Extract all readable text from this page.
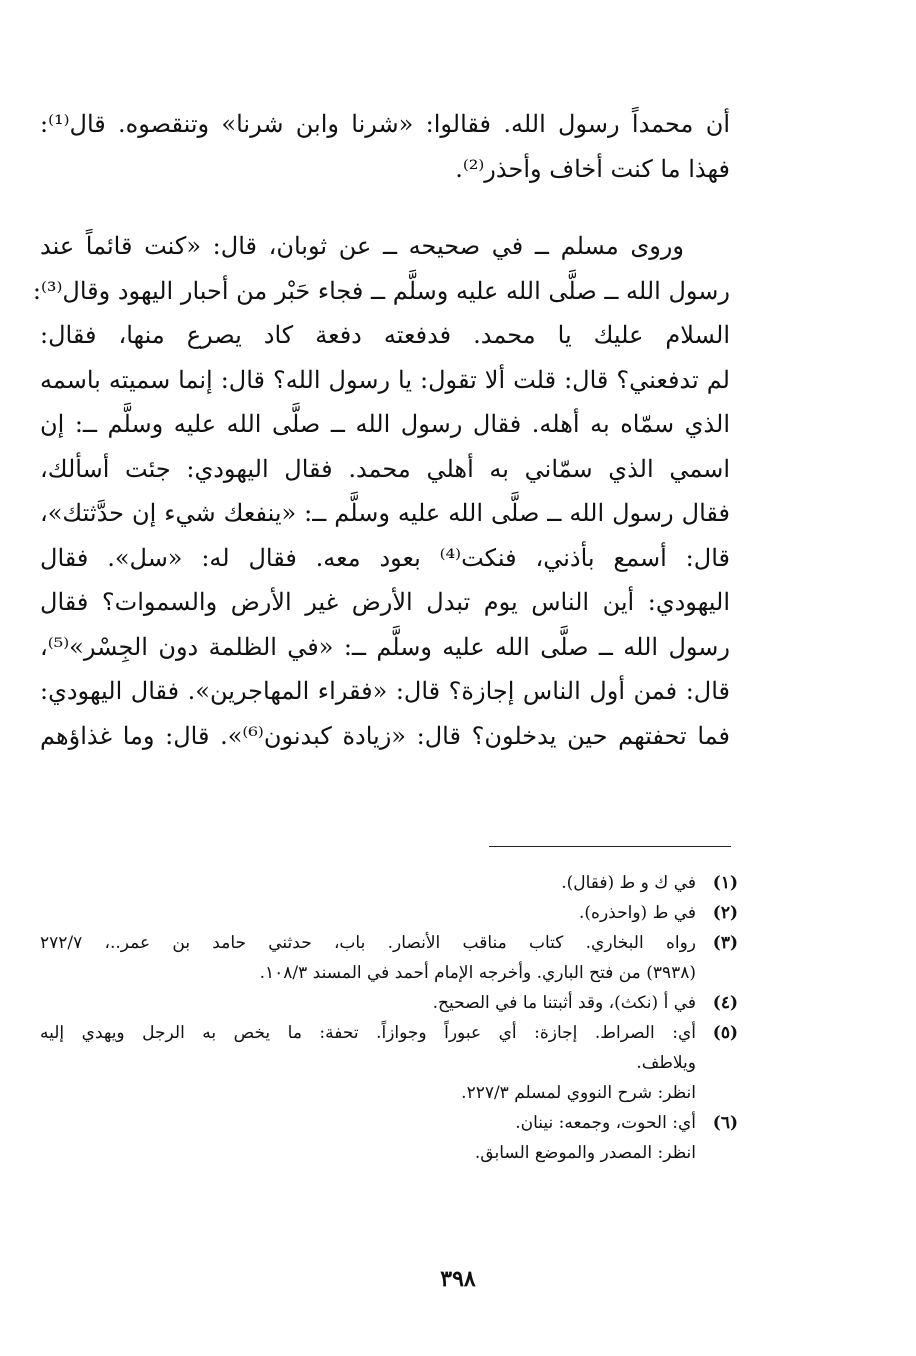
أن محمداً رسول الله. فقالوا: «شرنا وابن شرنا» وتنقصوه. قال⁽¹⁾:
فهذا ما كنت أخاف وأحذر⁽²⁾.
وروى مسلم ــ في صحيحه ــ عن ثوبان، قال: «كنت قائماً عند
رسول الله ــ صلَّى الله عليه وسلَّم ــ فجاء حَبْر من أحبار اليهود وقال⁽³⁾:
السلام عليك يا محمد. فدفعته دفعة كاد يصرع منها، فقال:
لم تدفعني؟ قال: قلت ألا تقول: يا رسول الله؟ قال: إنما سميته باسمه
الذي سمّاه به أهله. فقال رسول الله ــ صلَّى الله عليه وسلَّم ــ: إن
اسمي الذي سمّاني به أهلي محمد. فقال اليهودي: جئت أسألك،
فقال رسول الله ــ صلَّى الله عليه وسلَّم ــ: «ينفعك شيء إن حدَّثتك»،
قال: أسمع بأذني، فنكت⁽⁴⁾ بعود معه. فقال له: «سل». فقال
اليهودي: أين الناس يوم تبدل الأرض غير الأرض والسموات؟ فقال
رسول الله ــ صلَّى الله عليه وسلَّم ــ: «في الظلمة دون الجِسْر»⁽⁵⁾،
قال: فمن أول الناس إجازة؟ قال: «فقراء المهاجرين». فقال اليهودي:
فما تحفتهم حين يدخلون؟ قال: «زيادة كبدنون⁽⁶⁾». قال: وما غذاؤهم
(١)
في ك و ط (فقال).
(٢)
في ط (واحذره).
(٣)
رواه البخاري. كتاب مناقب الأنصار. باب، حدثني حامد بن عمر..، ٢٧٢/٧
(٣٩٣٨) من فتح الباري. وأخرجه الإمام أحمد في المسند ١٠٨/٣.
(٤)
في أ (نكث)، وقد أثبتنا ما في الصحيح.
(٥)
أي: الصراط. إجازة: أي عبوراً وجوازاً. تحفة: ما يخص به الرجل ويهدي إليه
ويلاطف.
انظر: شرح النووي لمسلم ٢٢٧/٣.
(٦)
أي: الحوت، وجمعه: نينان.
انظر: المصدر والموضع السابق.
٣٩٨
